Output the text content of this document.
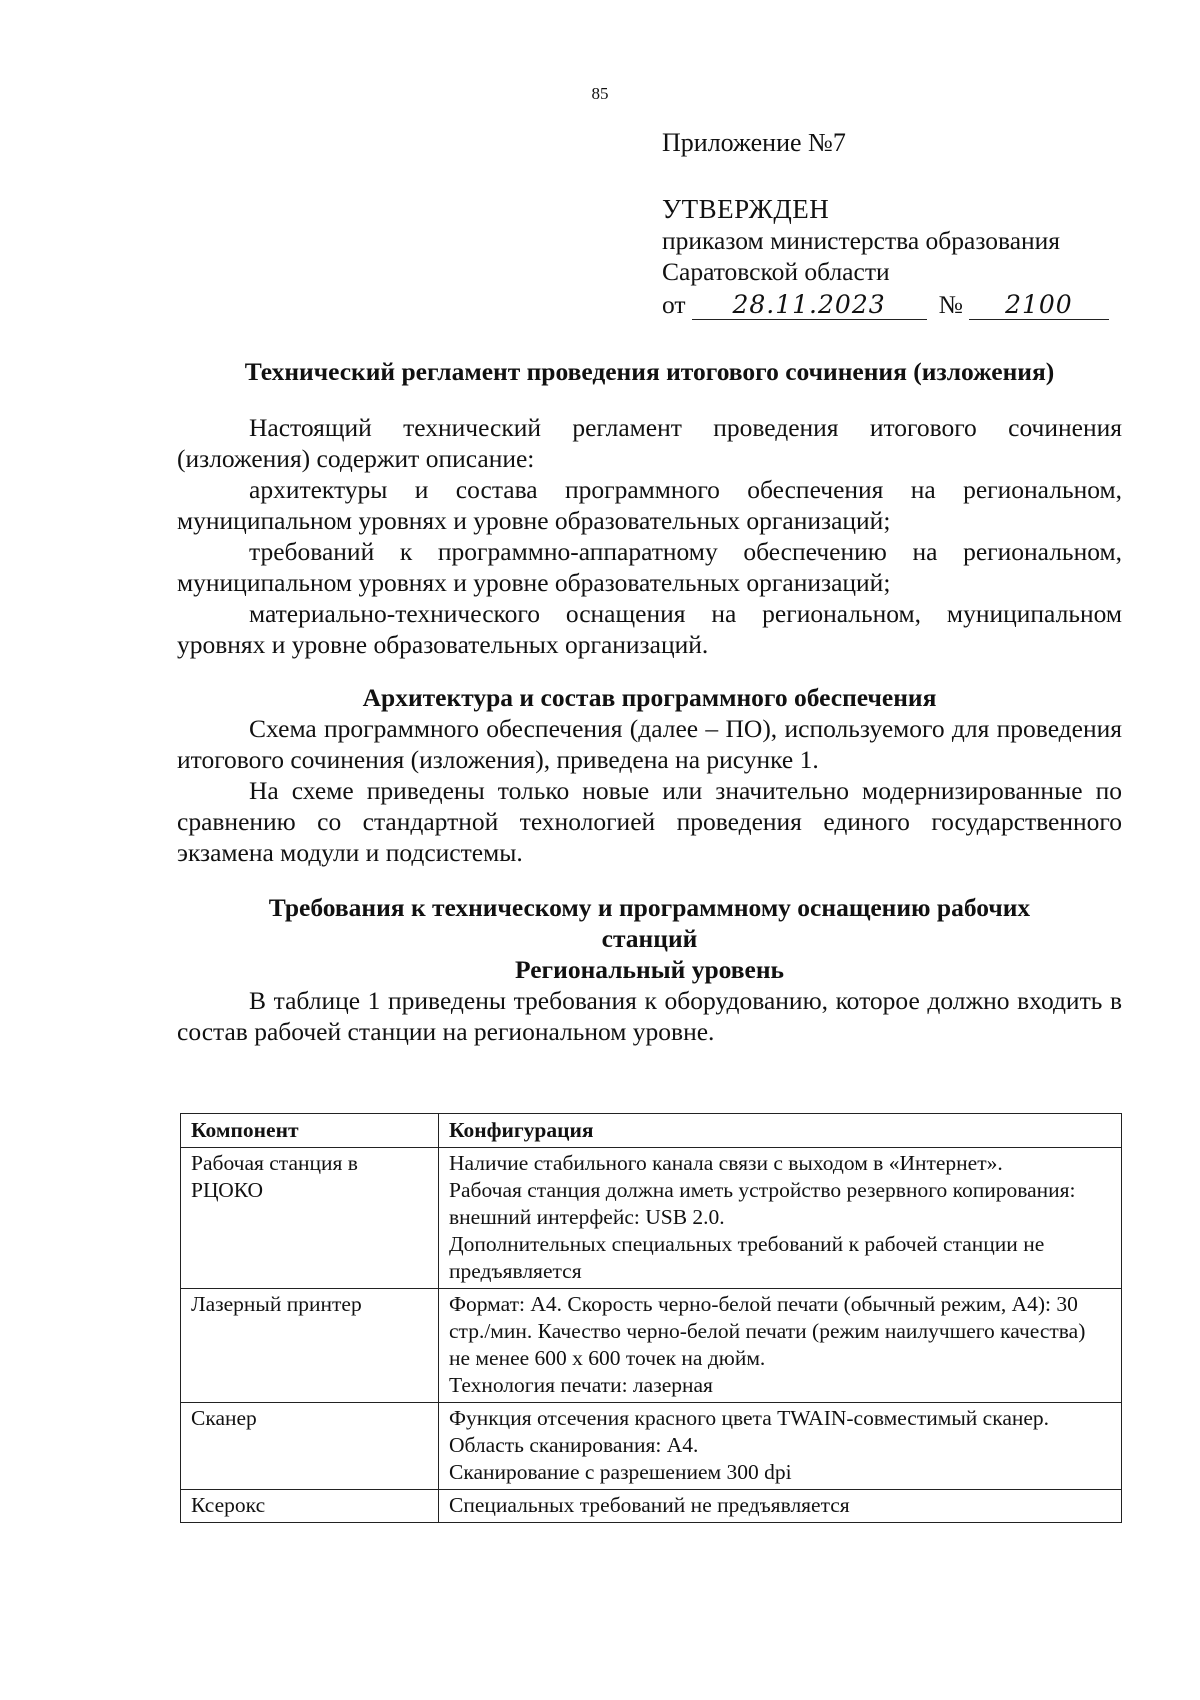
85
Приложение №7
УТВЕРЖДЕН
приказом министерства образования
Саратовской области
от	28.11.2023	№	2100
Технический регламент проведения итогового сочинения (изложения)

Настоящий технический регламент проведения итогового сочинения (изложения) содержит описание:

архитектуры и состава программного обеспечения на региональном, муниципальном уровнях и уровне образовательных организаций;

требований к программно-аппаратному обеспечению на региональном, муниципальном уровнях и уровне образовательных организаций;

материально-технического оснащения на региональном, муниципальном уровнях и уровне образовательных организаций.

Архитектура и состав программного обеспечения

Схема программного обеспечения (далее – ПО), используемого для проведения итогового сочинения (изложения), приведена на рисунке 1.

На схеме приведены только новые или значительно модернизированные по сравнению со стандартной технологией проведения единого государственного экзамена модули и подсистемы.

Требования к техническому и программному оснащению рабочих
станций
Региональный уровень

В таблице 1 приведены требования к оборудованию, которое должно входить в состав рабочей станции на региональном уровне.

Компонент	Конфигурация
Рабочая станция в РЦОКО	Наличие стабильного канала связи с выходом в «Интернет».
Рабочая станция должна иметь устройство резервного копирования: внешний интерфейс: USB 2.0.
Дополнительных специальных требований к рабочей станции не предъявляется

Лазерный принтер	Формат: А4. Скорость черно-белой печати (обычный режим, А4): 30 стр./мин. Качество черно-белой печати (режим наилучшего качества) не менее 600 х 600 точек на дюйм.
Технология печати: лазерная

Сканер	Функция отсечения красного цвета TWAIN-совместимый сканер. Область сканирования: А4.
Сканирование с разрешением 300 dpi

Ксерокс	Специальных требований не предъявляется
